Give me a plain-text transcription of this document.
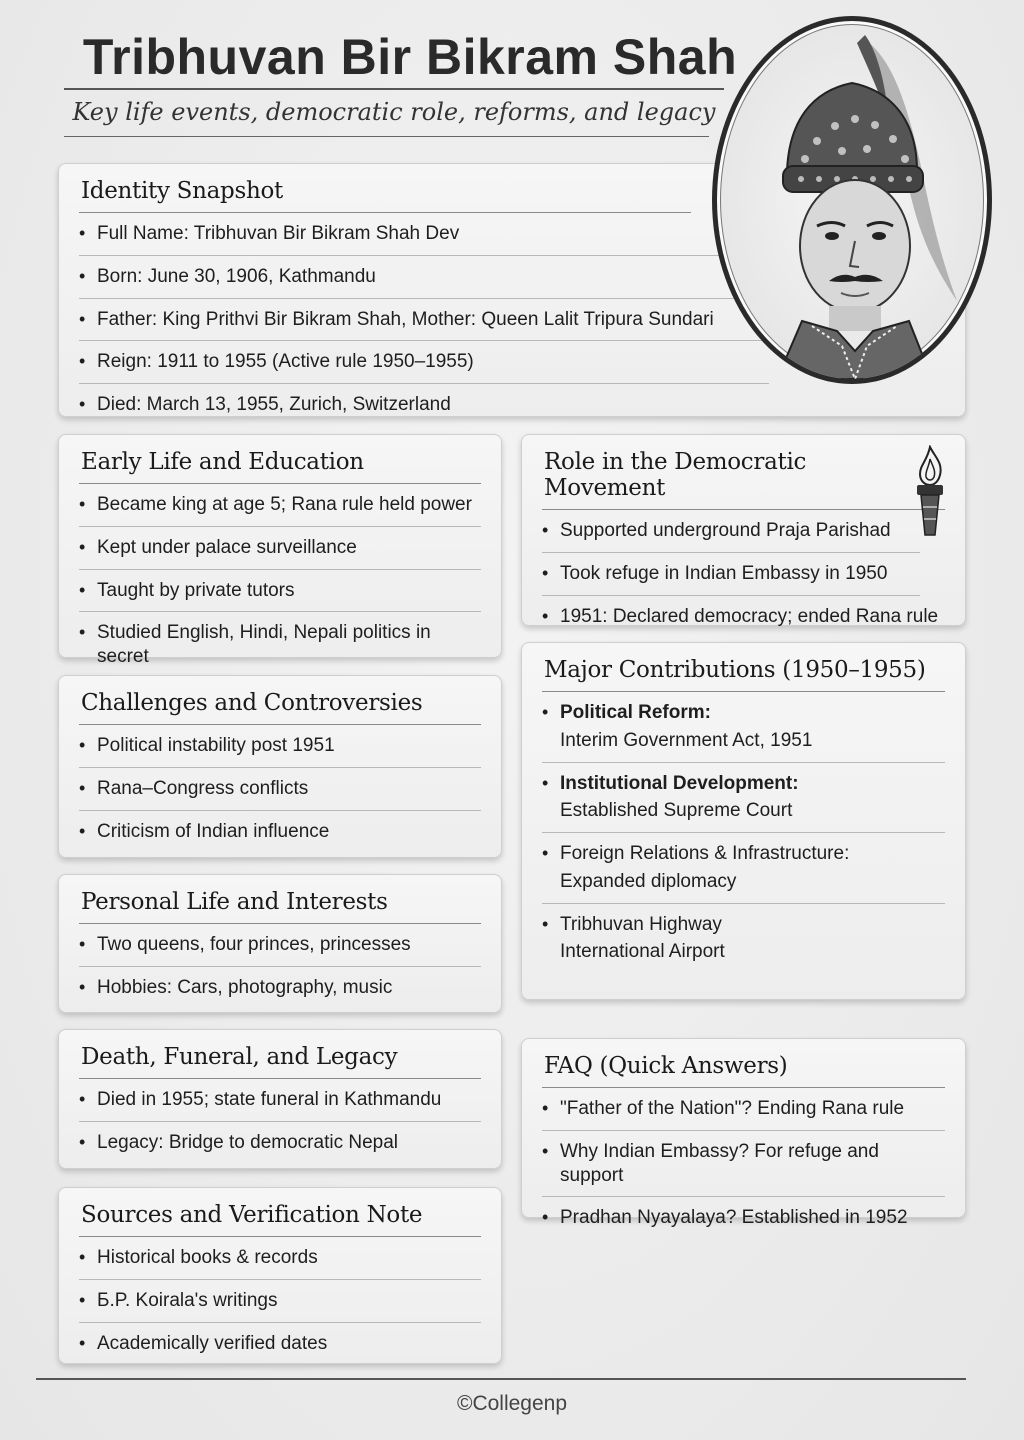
Tribhuvan Bir Bikram Shah
Key life events, democratic role, reforms, and legacy
Identity Snapshot
• Full Name: Tribhuvan Bir Bikram Shah Dev
• Born: June 30, 1906, Kathmandu
• Father: King Prithvi Bir Bikram Shah, Mother: Queen Lalit Tripura Sundari
• Reign: 1911 to 1955 (Active rule 1950–1955)
• Died: March 13, 1955, Zurich, Switzerland
Early Life and Education
• Became king at age 5; Rana rule held power
• Kept under palace surveillance
• Taught by private tutors
• Studied English, Hindi, Nepali politics in secret
Challenges and Controversies
• Political instability post 1951
• Rana–Congress conflicts
• Criticism of Indian influence
Personal Life and Interests
• Two queens, four princes, princesses
• Hobbies: Cars, photography, music
Death, Funeral, and Legacy
• Died in 1955; state funeral in Kathmandu
• Legacy: Bridge to democratic Nepal
Sources and Verification Note
• Historical books & records
• Б.P. Koirala's writings
• Academically verified dates
Role in the Democratic Movement
• Supported underground Praja Parishad
• Took refuge in Indian Embassy in 1950
• 1951: Declared democracy; ended Rana rule
Major Contributions (1950–1955)
• Political Reform:
Interim Government Act, 1951
• Institutional Development:
Established Supreme Court
• Foreign Relations & Infrastructure:
Expanded diplomacy
• Tribhuvan Highway
International Airport
FAQ (Quick Answers)
• "Father of the Nation"? Ending Rana rule
• Why Indian Embassy? For refuge and support
• Pradhan Nyayalaya? Established in 1952
©Collegenp
